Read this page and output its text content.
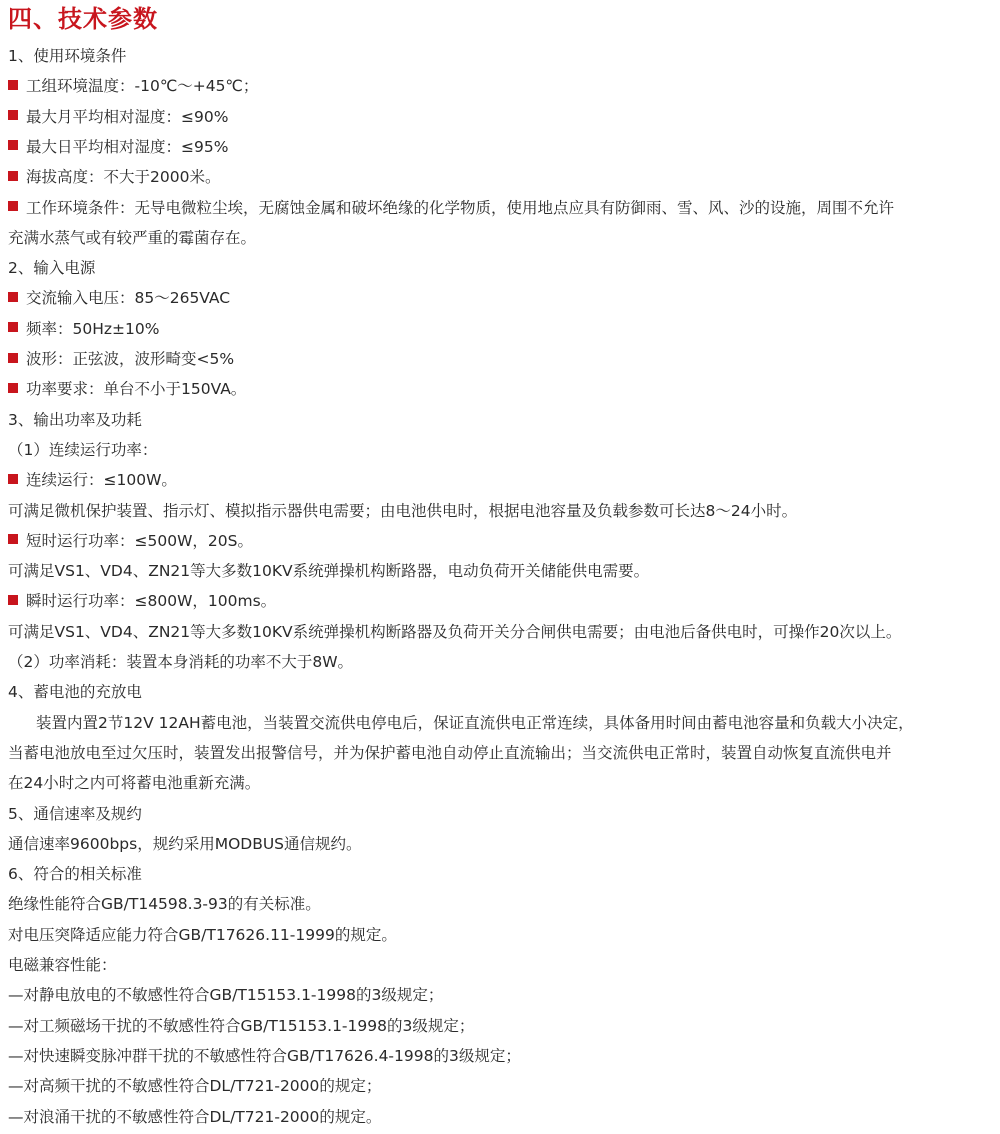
四、技术参数
1、使用环境条件
工组环境温度：-10℃～+45℃；
最大月平均相对湿度：≤90%
最大日平均相对湿度：≤95%
海拔高度：不大于2000米。
工作环境条件：无导电微粒尘埃，无腐蚀金属和破坏绝缘的化学物质，使用地点应具有防御雨、雪、风、沙的设施，周围不允许
充满水蒸气或有较严重的霉菌存在。
2、输入电源
交流输入电压：85～265VAC
频率：50Hz±10%
波形：正弦波，波形畸变<5%
功率要求：单台不小于150VA。
3、输出功率及功耗
（1）连续运行功率：
连续运行：≤100W。
可满足微机保护装置、指示灯、模拟指示器供电需要；由电池供电时，根据电池容量及负载参数可长达8～24小时。
短时运行功率：≤500W，20S。
可满足VS1、VD4、ZN21等大多数10KV系统弹操机构断路器，电动负荷开关储能供电需要。
瞬时运行功率：≤800W，100ms。
可满足VS1、VD4、ZN21等大多数10KV系统弹操机构断路器及负荷开关分合闸供电需要；由电池后备供电时，可操作20次以上。
（2）功率消耗：装置本身消耗的功率不大于8W。
4、蓄电池的充放电
装置内置2节12V 12AH蓄电池，当装置交流供电停电后，保证直流供电正常连续，具体备用时间由蓄电池容量和负载大小决定，
当蓄电池放电至过欠压时，装置发出报警信号，并为保护蓄电池自动停止直流输出；当交流供电正常时，装置自动恢复直流供电并
在24小时之内可将蓄电池重新充满。
5、通信速率及规约
通信速率9600bps，规约采用MODBUS通信规约。
6、符合的相关标准
绝缘性能符合GB/T14598.3-93的有关标准。
对电压突降适应能力符合GB/T17626.11-1999的规定。
电磁兼容性能：
—对静电放电的不敏感性符合GB/T15153.1-1998的3级规定；
—对工频磁场干扰的不敏感性符合GB/T15153.1-1998的3级规定；
—对快速瞬变脉冲群干扰的不敏感性符合GB/T17626.4-1998的3级规定；
—对高频干扰的不敏感性符合DL/T721-2000的规定；
—对浪涌干扰的不敏感性符合DL/T721-2000的规定。
